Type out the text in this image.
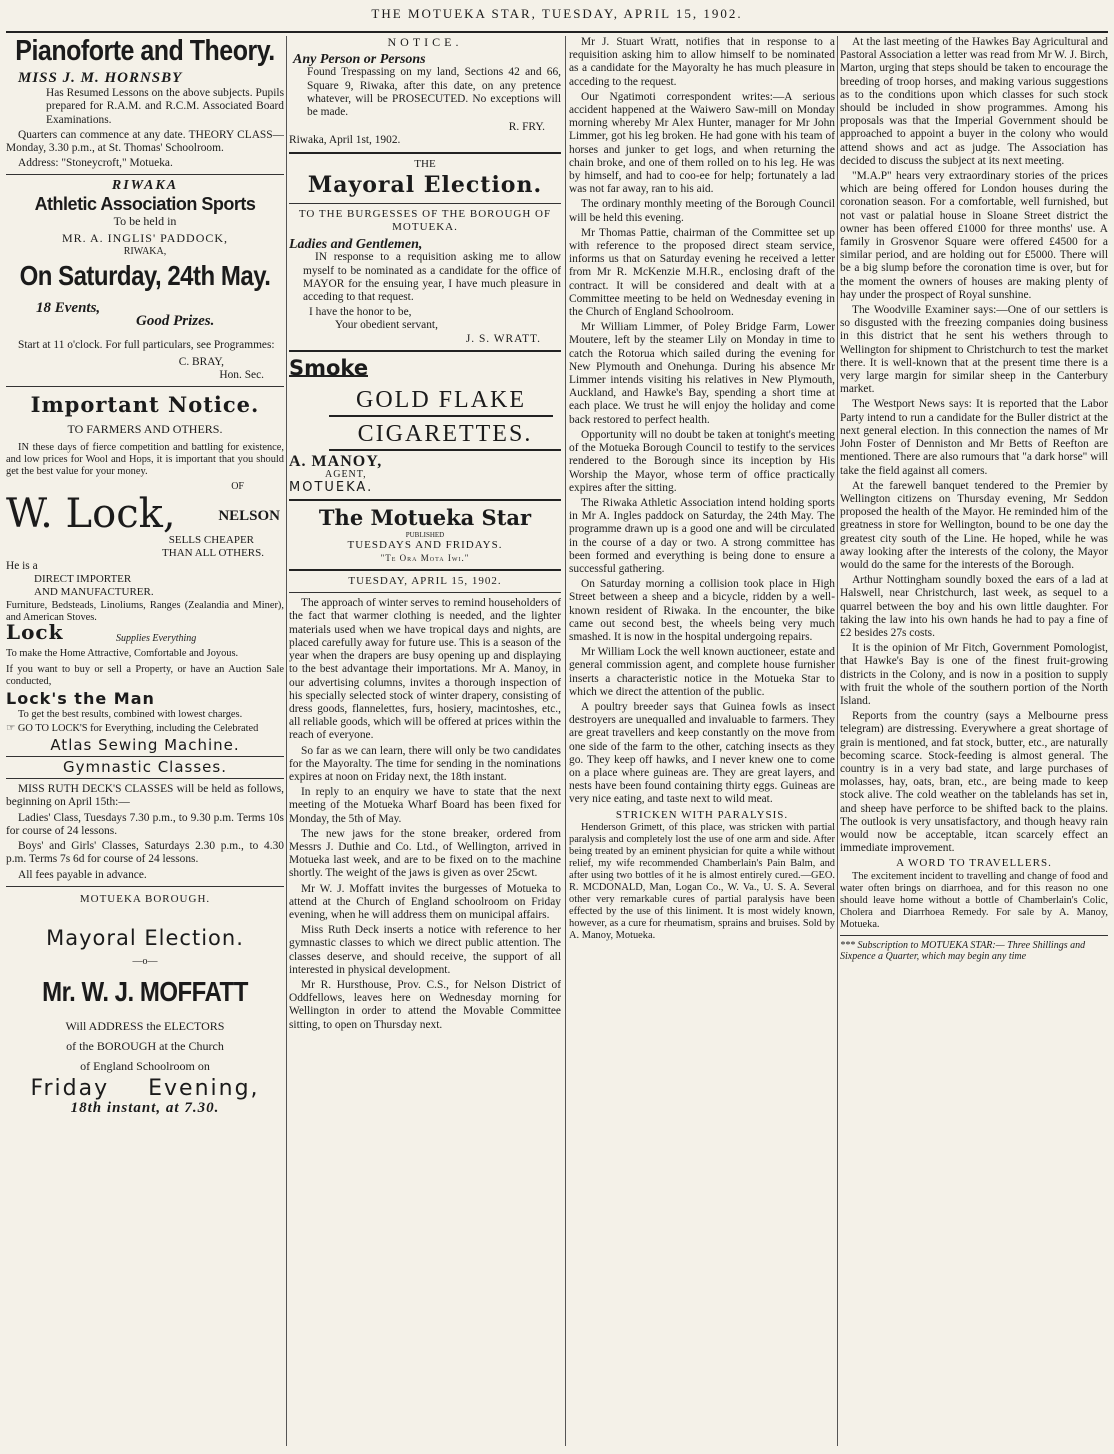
THE MOTUEKA STAR, TUESDAY, APRIL 15, 1902.
Pianoforte and Theory.
MISS J. M. HORNSBY

Has Resumed Lessons on the above subjects. Pupils prepared for R.A.M. and R.C.M. Associated Board Examinations.

Quarters can commence at any date. THEORY CLASS—Monday, 3.30 p.m., at St. Thomas' Schoolroom.

Address: "Stoneycroft," Motueka.

RIWAKA
Athletic Association Sports
To be held in
MR. A. INGLIS' PADDOCK,
RIWAKA,
On Saturday, 24th May.
18 Events,
Good Prizes.

Start at 11 o'clock. For full particulars, see Programmes:

C. BRAY,
Hon. Sec.
Important Notice.
TO FARMERS AND OTHERS.

IN these days of fierce competition and battling for existence, and low prices for Wool and Hops, it is important that you should get the best value for your money.

OF
W. Lock,	NELSON
SELLS CHEAPER
THAN ALL OTHERS.
He is a
DIRECT IMPORTER
AND MANUFACTURER.

Furniture, Bedsteads, Linoliums, Ranges (Zealandia and Miner), and American Stoves.

Lock	Supplies Everything

To make the Home Attractive, Comfortable and Joyous.

If you want to buy or sell a Property, or have an Auction Sale conducted,

Lock's the Man

To get the best results, combined with lowest charges.

☞ GO TO LOCK'S for Everything, including the Celebrated

Atlas Sewing Machine.
Gymnastic Classes.

MISS RUTH DECK'S CLASSES will be held as follows, beginning on April 15th:—

Ladies' Class, Tuesdays 7.30 p.m., to 9.30 p.m. Terms 10s for course of 24 lessons.

Boys' and Girls' Classes, Saturdays 2.30 p.m., to 4.30 p.m. Terms 7s 6d for course of 24 lessons.

All fees payable in advance.

MOTUEKA BOROUGH.
Mayoral Election.
—o—
Mr. W. J. MOFFATT
Will ADDRESS the ELECTORS
of the BOROUGH at the Church
of England Schoolroom on
Friday Evening,
18th instant, at 7.30.
NOTICE.
Any Person or Persons

Found Trespassing on my land, Sections 42 and 66, Square 9, Riwaka, after this date, on any pretence whatever, will be PROSECUTED. No exceptions will be made.

R. FRY.
Riwaka, April 1st, 1902.
THE
Mayoral Election.
TO THE BURGESSES OF THE BOROUGH OF MOTUEKA.
Ladies and Gentlemen,

IN response to a requisition asking me to allow myself to be nominated as a candidate for the office of MAYOR for the ensuing year, I have much pleasure in acceding to that request.

I have the honor to be,
Your obedient servant,
J. S. WRATT.
Smoke
GOLD FLAKE
CIGARETTES.
A. MANOY,
AGENT,
MOTUEKA.
The Motueka Star
PUBLISHED
TUESDAYS AND FRIDAYS.
"Te Ora Mota Iwi."
TUESDAY, APRIL 15, 1902.

The approach of winter serves to remind householders of the fact that warmer clothing is needed, and the lighter materials used when we have tropical days and nights, are placed carefully away for future use. This is a season of the year when the drapers are busy opening up and displaying to the best advantage their importations. Mr A. Manoy, in our advertising columns, invites a thorough inspection of his specially selected stock of winter drapery, consisting of dress goods, flannelettes, furs, hosiery, macintoshes, etc., all reliable goods, which will be offered at prices within the reach of everyone.

So far as we can learn, there will only be two candidates for the Mayoralty. The time for sending in the nominations expires at noon on Friday next, the 18th instant.

In reply to an enquiry we have to state that the next meeting of the Motueka Wharf Board has been fixed for Monday, the 5th of May.

The new jaws for the stone breaker, ordered from Messrs J. Duthie and Co. Ltd., of Wellington, arrived in Motueka last week, and are to be fixed on to the machine shortly. The weight of the jaws is given as over 25cwt.

Mr W. J. Moffatt invites the burgesses of Motueka to attend at the Church of England schoolroom on Friday evening, when he will address them on municipal affairs.

Miss Ruth Deck inserts a notice with reference to her gymnastic classes to which we direct public attention. The classes deserve, and should receive, the support of all interested in physical development.

Mr R. Hursthouse, Prov. C.S., for Nelson District of Oddfellows, leaves here on Wednesday morning for Wellington in order to attend the Movable Committee sitting, to open on Thursday next.

Mr J. Stuart Wratt, notifies that in response to a requisition asking him to allow himself to be nominated as a candidate for the Mayoralty he has much pleasure in acceding to the request.

Our Ngatimoti correspondent writes:—A serious accident happened at the Waiwero Saw-mill on Monday morning whereby Mr Alex Hunter, manager for Mr John Limmer, got his leg broken. He had gone with his team of horses and junker to get logs, and when returning the chain broke, and one of them rolled on to his leg. He was by himself, and had to coo-ee for help; fortunately a lad was not far away, ran to his aid.

The ordinary monthly meeting of the Borough Council will be held this evening.

Mr Thomas Pattie, chairman of the Committee set up with reference to the proposed direct steam service, informs us that on Saturday evening he received a letter from Mr R. McKenzie M.H.R., enclosing draft of the contract. It will be considered and dealt with at a Committee meeting to be held on Wednesday evening in the Church of England Schoolroom.

Mr William Limmer, of Poley Bridge Farm, Lower Moutere, left by the steamer Lily on Monday in time to catch the Rotorua which sailed during the evening for New Plymouth and Onehunga. During his absence Mr Limmer intends visiting his relatives in New Plymouth, Auckland, and Hawke's Bay, spending a short time at each place. We trust he will enjoy the holiday and come back restored to perfect health.

Opportunity will no doubt be taken at tonight's meeting of the Motueka Borough Council to testify to the services rendered to the Borough since its inception by His Worship the Mayor, whose term of office practically expires after the sitting.

The Riwaka Athletic Association intend holding sports in Mr A. Ingles paddock on Saturday, the 24th May. The programme drawn up is a good one and will be circulated in the course of a day or two. A strong committee has been formed and everything is being done to ensure a successful gathering.

On Saturday morning a collision took place in High Street between a sheep and a bicycle, ridden by a well-known resident of Riwaka. In the encounter, the bike came out second best, the wheels being very much smashed. It is now in the hospital undergoing repairs.

Mr William Lock the well known auctioneer, estate and general commission agent, and complete house furnisher inserts a characteristic notice in the Motueka Star to which we direct the attention of the public.

A poultry breeder says that Guinea fowls as insect destroyers are unequalled and invaluable to farmers. They are great travellers and keep constantly on the move from one side of the farm to the other, catching insects as they go. They keep off hawks, and I never knew one to come on a place where guineas are. They are great layers, and nests have been found containing thirty eggs. Guineas are very nice eating, and taste next to wild meat.

STRICKEN WITH PARALYSIS.

Henderson Grimett, of this place, was stricken with partial paralysis and completely lost the use of one arm and side. After being treated by an eminent physician for quite a while without relief, my wife recommended Chamberlain's Pain Balm, and after using two bottles of it he is almost entirely cured.—GEO. R. MCDONALD, Man, Logan Co., W. Va., U. S. A. Several other very remarkable cures of partial paralysis have been effected by the use of this liniment. It is most widely known, however, as a cure for rheumatism, sprains and bruises. Sold by A. Manoy, Motueka.

At the last meeting of the Hawkes Bay Agricultural and Pastoral Association a letter was read from Mr W. J. Birch, Marton, urging that steps should be taken to encourage the breeding of troop horses, and making various suggestions as to the conditions upon which classes for such stock should be included in show programmes. Among his proposals was that the Imperial Government should be approached to appoint a buyer in the colony who would attend shows and act as judge. The Association has decided to discuss the subject at its next meeting.

"M.A.P" hears very extraordinary stories of the prices which are being offered for London houses during the coronation season. For a comfortable, well furnished, but not vast or palatial house in Sloane Street district the owner has been offered £1000 for three months' use. A family in Grosvenor Square were offered £4500 for a similar period, and are holding out for £5000. There will be a big slump before the coronation time is over, but for the moment the owners of houses are making plenty of hay under the prospect of Royal sunshine.

The Woodville Examiner says:—One of our settlers is so disgusted with the freezing companies doing business in this district that he sent his wethers through to Wellington for shipment to Christchurch to test the market there. It is well-known that at the present time there is a very large margin for similar sheep in the Canterbury market.

The Westport News says: It is reported that the Labor Party intend to run a candidate for the Buller district at the next general election. In this connection the names of Mr John Foster of Denniston and Mr Betts of Reefton are mentioned. There are also rumours that "a dark horse" will take the field against all comers.

At the farewell banquet tendered to the Premier by Wellington citizens on Thursday evening, Mr Seddon proposed the health of the Mayor. He reminded him of the greatness in store for Wellington, bound to be one day the greatest city south of the Line. He hoped, while he was away looking after the interests of the colony, the Mayor would do the same for the interests of the Borough.

Arthur Nottingham soundly boxed the ears of a lad at Halswell, near Christchurch, last week, as sequel to a quarrel between the boy and his own little daughter. For taking the law into his own hands he had to pay a fine of £2 besides 27s costs.

It is the opinion of Mr Fitch, Government Pomologist, that Hawke's Bay is one of the finest fruit-growing districts in the Colony, and is now in a position to supply with fruit the whole of the southern portion of the North Island.

Reports from the country (says a Melbourne press telegram) are distressing. Everywhere a great shortage of grain is mentioned, and fat stock, butter, etc., are naturally becoming scarce. Stock-feeding is almost general. The country is in a very bad state, and large purchases of molasses, hay, oats, bran, etc., are being made to keep stock alive. The cold weather on the tablelands has set in, and sheep have perforce to be shifted back to the plains. The outlook is very unsatisfactory, and though heavy rain would now be acceptable, itcan scarcely effect an immediate improvement.

A WORD TO TRAVELLERS.

The excitement incident to travelling and change of food and water often brings on diarrhoea, and for this reason no one should leave home without a bottle of Chamberlain's Colic, Cholera and Diarrhoea Remedy. For sale by A. Manoy, Motueka.

*** Subscription to MOTUEKA STAR:— Three Shillings and Sixpence a Quarter, which may begin any time
